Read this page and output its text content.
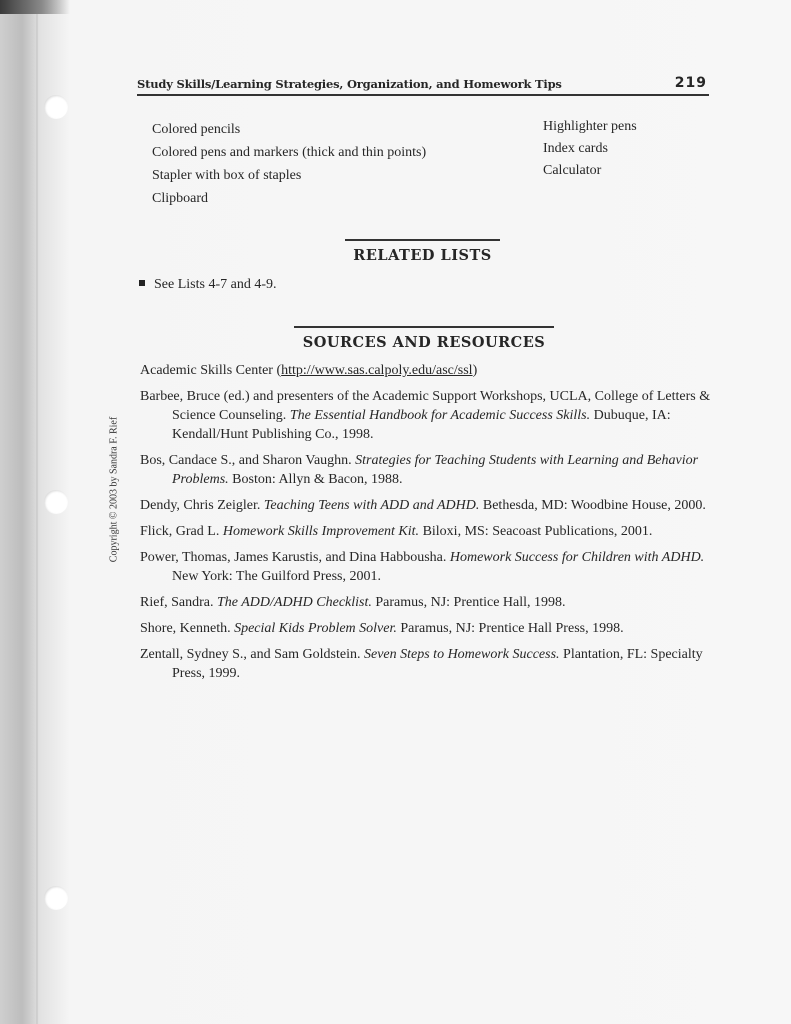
Study Skills/Learning Strategies, Organization, and Homework Tips	219
Colored pencils
Colored pens and markers (thick and thin points)
Stapler with box of staples
Clipboard
Highlighter pens
Index cards
Calculator
RELATED LISTS
See Lists 4-7 and 4-9.
SOURCES AND RESOURCES
Academic Skills Center (http://www.sas.calpoly.edu/asc/ssl)
Barbee, Bruce (ed.) and presenters of the Academic Support Workshops, UCLA, College of Letters & Science Counseling. The Essential Handbook for Academic Success Skills. Dubuque, IA: Kendall/Hunt Publishing Co., 1998.
Bos, Candace S., and Sharon Vaughn. Strategies for Teaching Students with Learning and Behavior Problems. Boston: Allyn & Bacon, 1988.
Dendy, Chris Zeigler. Teaching Teens with ADD and ADHD. Bethesda, MD: Woodbine House, 2000.
Flick, Grad L. Homework Skills Improvement Kit. Biloxi, MS: Seacoast Publications, 2001.
Power, Thomas, James Karustis, and Dina Habbousha. Homework Success for Children with ADHD. New York: The Guilford Press, 2001.
Rief, Sandra. The ADD/ADHD Checklist. Paramus, NJ: Prentice Hall, 1998.
Shore, Kenneth. Special Kids Problem Solver. Paramus, NJ: Prentice Hall Press, 1998.
Zentall, Sydney S., and Sam Goldstein. Seven Steps to Homework Success. Plantation, FL: Specialty Press, 1999.
Copyright © 2003 by Sandra F. Rief
